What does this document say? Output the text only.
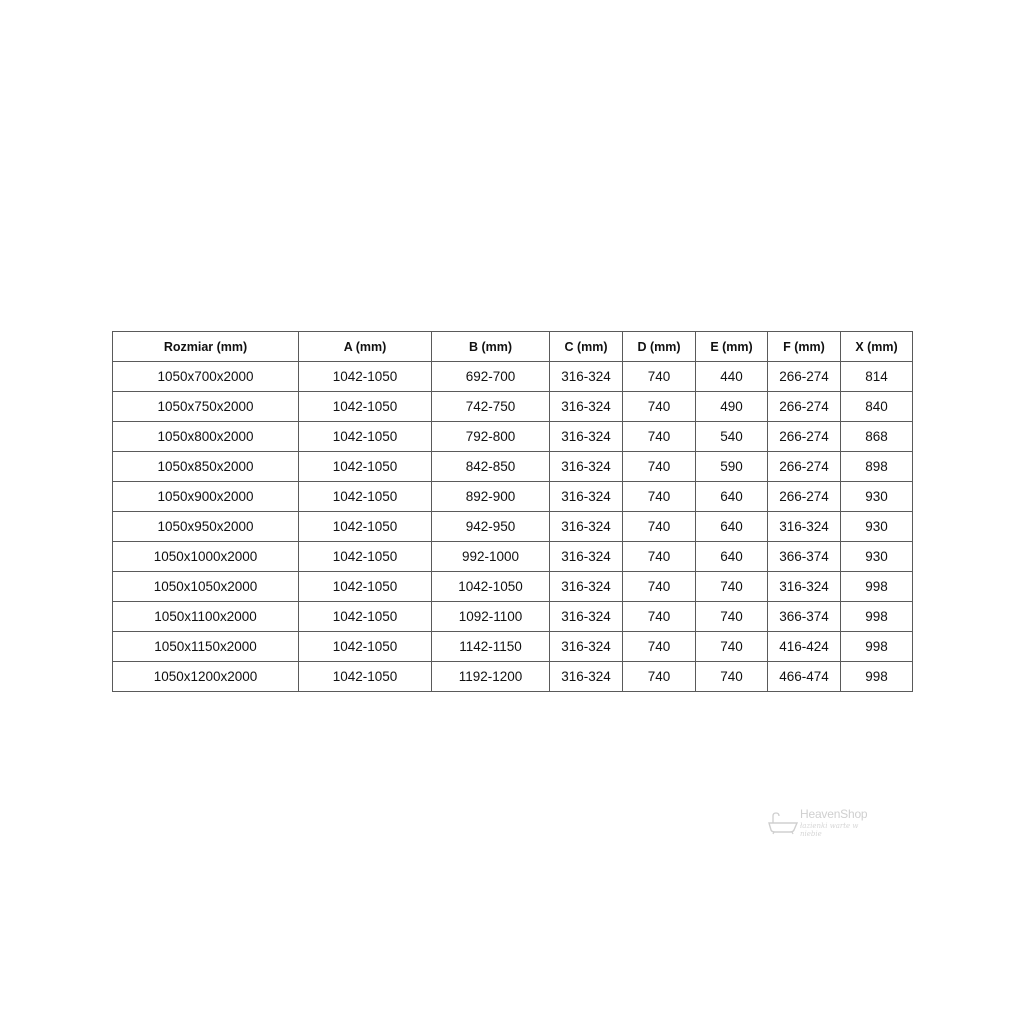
Rozmiar (mm)	A (mm)	B (mm)	C (mm)	D (mm)	E (mm)	F (mm)	X (mm)
1050x700x2000	1042-1050	692-700	316-324	740	440	266-274	814
1050x750x2000	1042-1050	742-750	316-324	740	490	266-274	840
1050x800x2000	1042-1050	792-800	316-324	740	540	266-274	868
1050x850x2000	1042-1050	842-850	316-324	740	590	266-274	898
1050x900x2000	1042-1050	892-900	316-324	740	640	266-274	930
1050x950x2000	1042-1050	942-950	316-324	740	640	316-324	930
1050x1000x2000	1042-1050	992-1000	316-324	740	640	366-374	930
1050x1050x2000	1042-1050	1042-1050	316-324	740	740	316-324	998
1050x1100x2000	1042-1050	1092-1100	316-324	740	740	366-374	998
1050x1150x2000	1042-1050	1142-1150	316-324	740	740	416-424	998
1050x1200x2000	1042-1050	1192-1200	316-324	740	740	466-474	998
HeavenShop
łazienki warte w niebie
